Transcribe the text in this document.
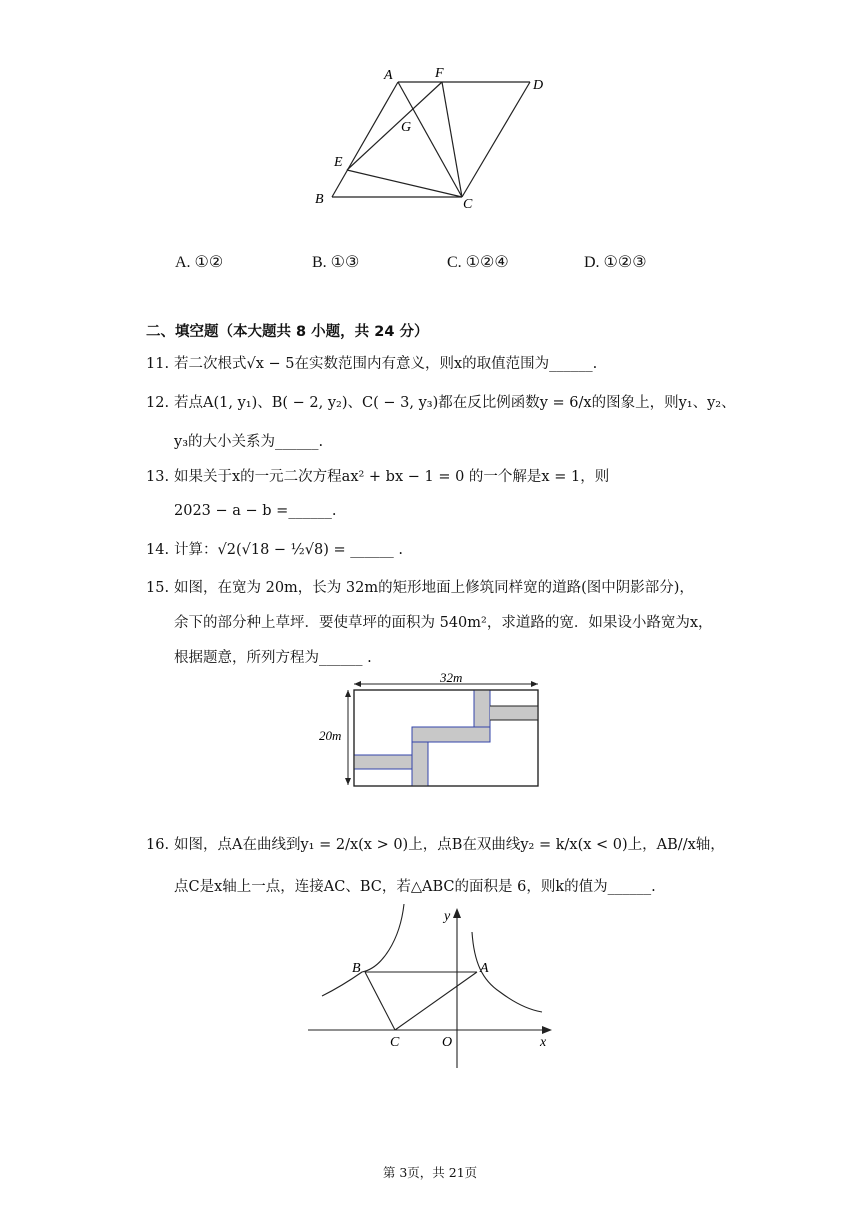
A	F
D
G
E
B	C
A. ①②	B. ①③	C. ①②④	D. ①②③
二、填空题（本大题共 8 小题，共 24 分）
11. 若二次根式√x − 5在实数范围内有意义，则x的取值范围为______.
12. 若点A(1, y₁)、B( − 2, y₂)、C( − 3, y₃)都在反比例函数y = 6/x的图象上，则y₁、y₂、
y₃的大小关系为______.
13. 如果关于x的一元二次方程ax² + bx − 1 = 0 的一个解是x = 1，则
2023 − a − b =______.
14. 计算：√2(√18 − ½√8) = ______ .
15. 如图，在宽为 20m，长为 32m的矩形地面上修筑同样宽的道路(图中阴影部分)，
余下的部分种上草坪．要使草坪的面积为 540m²，求道路的宽．如果设小路宽为x，
根据题意，所列方程为______ .
32m
20m
16. 如图，点A在曲线到y₁ = 2/x(x > 0)上，点B在双曲线y₂ = k/x(x < 0)上，AB//x轴，
点C是x轴上一点，连接AC、BC，若△ABC的面积是 6，则k的值为______.
y
B	A
C	O	x
第 3页，共 21页
